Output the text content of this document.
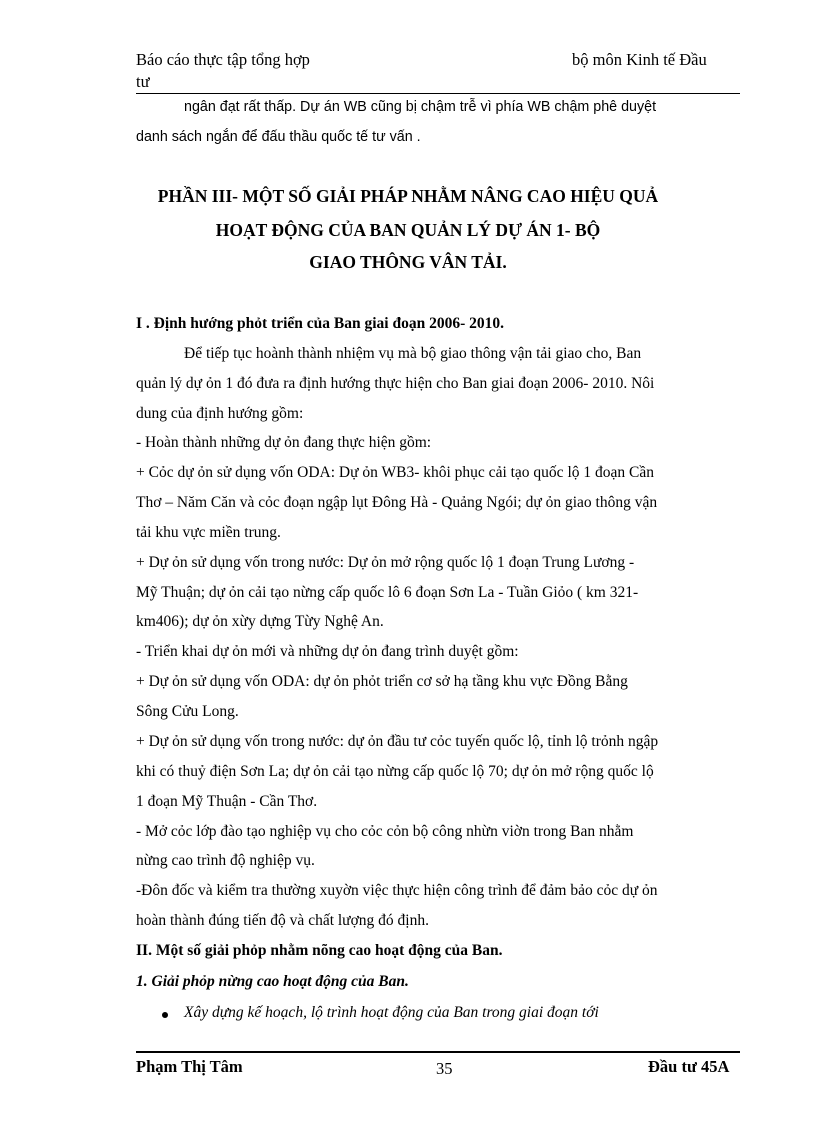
Báo cáo thực tập tổng hợp
tư
bộ môn Kinh tế Đầu
ngân đạt rất thấp. Dự án WB cũng bị chậm trễ vì phía WB chậm phê duyệt
danh sách ngắn để đấu thầu quốc tế tư vấn .
PHẦN III- MỘT SỐ GIẢI PHÁP NHẰM NÂNG CAO HIỆU QUẢ
HOẠT ĐỘNG CỦA BAN QUẢN LÝ DỰ ÁN 1- BỘ
GIAO THÔNG VÂN TẢI.
I . Định hướng phỏt triển của Ban giai đoạn 2006- 2010.
Để tiếp tục hoành thành nhiệm vụ mà bộ giao thông vận tải giao cho, Ban
quản lý dự ỏn 1 đó đưa ra định hướng thực hiện cho Ban giai đoạn 2006- 2010. Nôi
dung của định hướng gồm:
- Hoàn thành những dự ỏn đang thực hiện gồm:
+ Cỏc dự ỏn sử dụng vốn ODA: Dự ỏn WB3- khôi phục cải tạo quốc lộ 1 đoạn Cần
Thơ – Năm Căn và cỏc đoạn ngập lụt Đông Hà - Quảng Ngói; dự ỏn giao thông vận
tải khu vực miền trung.
+ Dự ỏn sử dụng vốn trong nước: Dự ỏn mở rộng quốc lộ 1 đoạn Trung Lương -
Mỹ Thuận; dự ỏn cải tạo nừng cấp quốc lô 6 đoạn Sơn La - Tuần Giỏo ( km 321-
km406); dự ỏn xừy dựng Từy Nghệ An.
- Triển khai dự ỏn mới và những dự ỏn đang trình duyệt gồm:
+ Dự ỏn sử dụng vốn ODA: dự ỏn phỏt triển cơ sở hạ tầng khu vực Đồng Bằng
Sông Cửu Long.
+ Dự ỏn sử dụng vốn trong nước: dự ỏn đầu tư cỏc tuyến quốc lộ, tỉnh lộ trỏnh ngập
khi có thuỷ điện Sơn La; dự ỏn cải tạo nừng cấp quốc lộ 70; dự ỏn mở rộng quốc lộ
1 đoạn Mỹ Thuận - Cần Thơ.
- Mở cỏc lớp đào tạo nghiệp vụ cho cỏc cỏn bộ công nhừn viờn trong Ban nhằm
nừng cao trình độ nghiệp vụ.
-Đôn đốc và kiểm tra thường xuyờn việc thực hiện công trình để đảm bảo cỏc dự ỏn
hoàn thành đúng tiến độ và chất lượng đó định.
II. Một số giải phỏp nhằm nõng cao hoạt động của Ban.
1. Giải phỏp nừng cao hoạt động của Ban.
Xây dựng kế hoạch, lộ trình hoạt động của Ban trong giai đoạn tới
Phạm Thị Tâm	35	Đầu tư 45A
